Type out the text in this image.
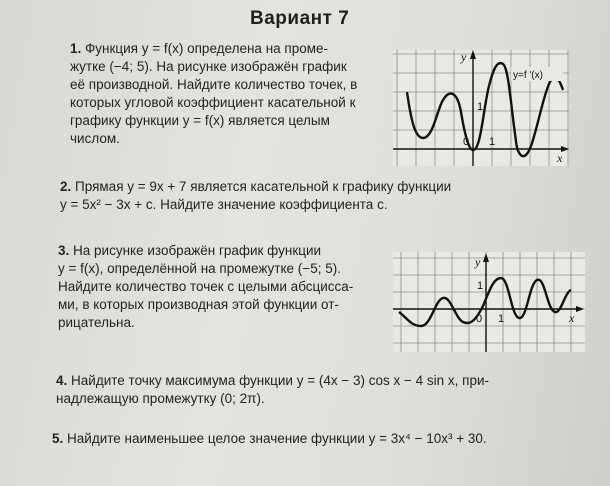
Вариант 7
1. Функция y = f(x) определена на проме-
жутке (−4; 5). На рисунке изображён график
её производной. Найдите количество точек, в
которых угловой коэффициент касательной к
графику функции y = f(x) является целым
числом.
y
x
0 1
1
y=f '(x)
2. Прямая y = 9x + 7 является касательной к графику функции
y = 5x² − 3x + c. Найдите значение коэффициента c.
3. На рисунке изображён график функции
y = f(x), определённой на промежутке (−5; 5).
Найдите количество точек с целыми абсцисса-
ми, в которых производная этой функции от-
рицательна.
y
x
0 1
1
4. Найдите точку максимума функции y = (4x − 3) cos x − 4 sin x, при-
надлежащую промежутку (0; 2π).
5. Найдите наименьшее целое значение функции y = 3x⁴ − 10x³ + 30.
